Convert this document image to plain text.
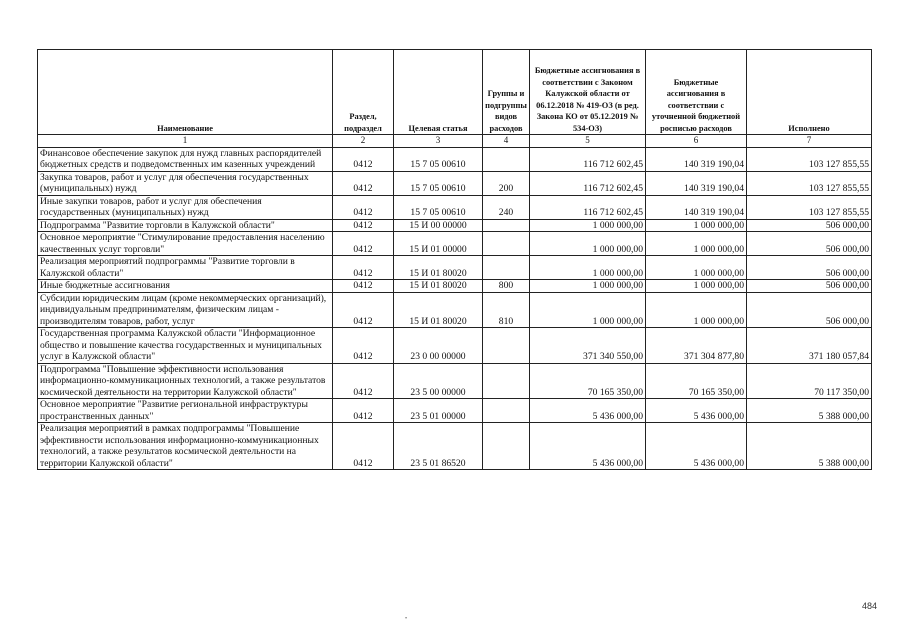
Наименование	Раздел, подраздел	Целевая статья	Группы и подгруппы видов расходов	Бюджетные ассигнования в соответствии с Законом Калужской области от 06.12.2018 № 419-ОЗ (в ред. Закона КО от 05.12.2019 № 534-ОЗ)	Бюджетные ассигнования в соответствии с уточненной бюджетной росписью расходов	Исполнено
1	2	3	4	5	6	7
Финансовое обеспечение закупок для нужд главных распорядителей бюджетных средств и подведомственных им казенных учреждений	0412	15 7 05 00610		116 712 602,45	140 319 190,04	103 127 855,55
Закупка товаров, работ и услуг для обеспечения государственных (муниципальных) нужд	0412	15 7 05 00610	200	116 712 602,45	140 319 190,04	103 127 855,55
Иные закупки товаров, работ и услуг для обеспечения государственных (муниципальных) нужд	0412	15 7 05 00610	240	116 712 602,45	140 319 190,04	103 127 855,55
Подпрограмма "Развитие торговли в Калужской области"	0412	15 И 00 00000		1 000 000,00	1 000 000,00	506 000,00
Основное мероприятие "Стимулирование предоставления населению качественных услуг торговли"	0412	15 И 01 00000		1 000 000,00	1 000 000,00	506 000,00
Реализация мероприятий подпрограммы "Развитие торговли в Калужской области"	0412	15 И 01 80020		1 000 000,00	1 000 000,00	506 000,00
Иные бюджетные ассигнования	0412	15 И 01 80020	800	1 000 000,00	1 000 000,00	506 000,00
Субсидии юридическим лицам (кроме некоммерческих организаций), индивидуальным предпринимателям, физическим лицам - производителям товаров, работ, услуг	0412	15 И 01 80020	810	1 000 000,00	1 000 000,00	506 000,00
Государственная программа Калужской области "Информационное общество и повышение качества государственных и муниципальных услуг в Калужской области"	0412	23 0 00 00000		371 340 550,00	371 304 877,80	371 180 057,84
Подпрограмма "Повышение эффективности использования информационно-коммуникационных технологий, а также результатов космической деятельности на территории Калужской области"	0412	23 5 00 00000		70 165 350,00	70 165 350,00	70 117 350,00
Основное мероприятие "Развитие региональной инфраструктуры пространственных данных"	0412	23 5 01 00000		5 436 000,00	5 436 000,00	5 388 000,00
Реализация мероприятий в рамках подпрограммы "Повышение эффективности использования информационно-коммуникационных технологий, а также результатов космической деятельности на территории Калужской области"	0412	23 5 01 86520		5 436 000,00	5 436 000,00	5 388 000,00
484
•
